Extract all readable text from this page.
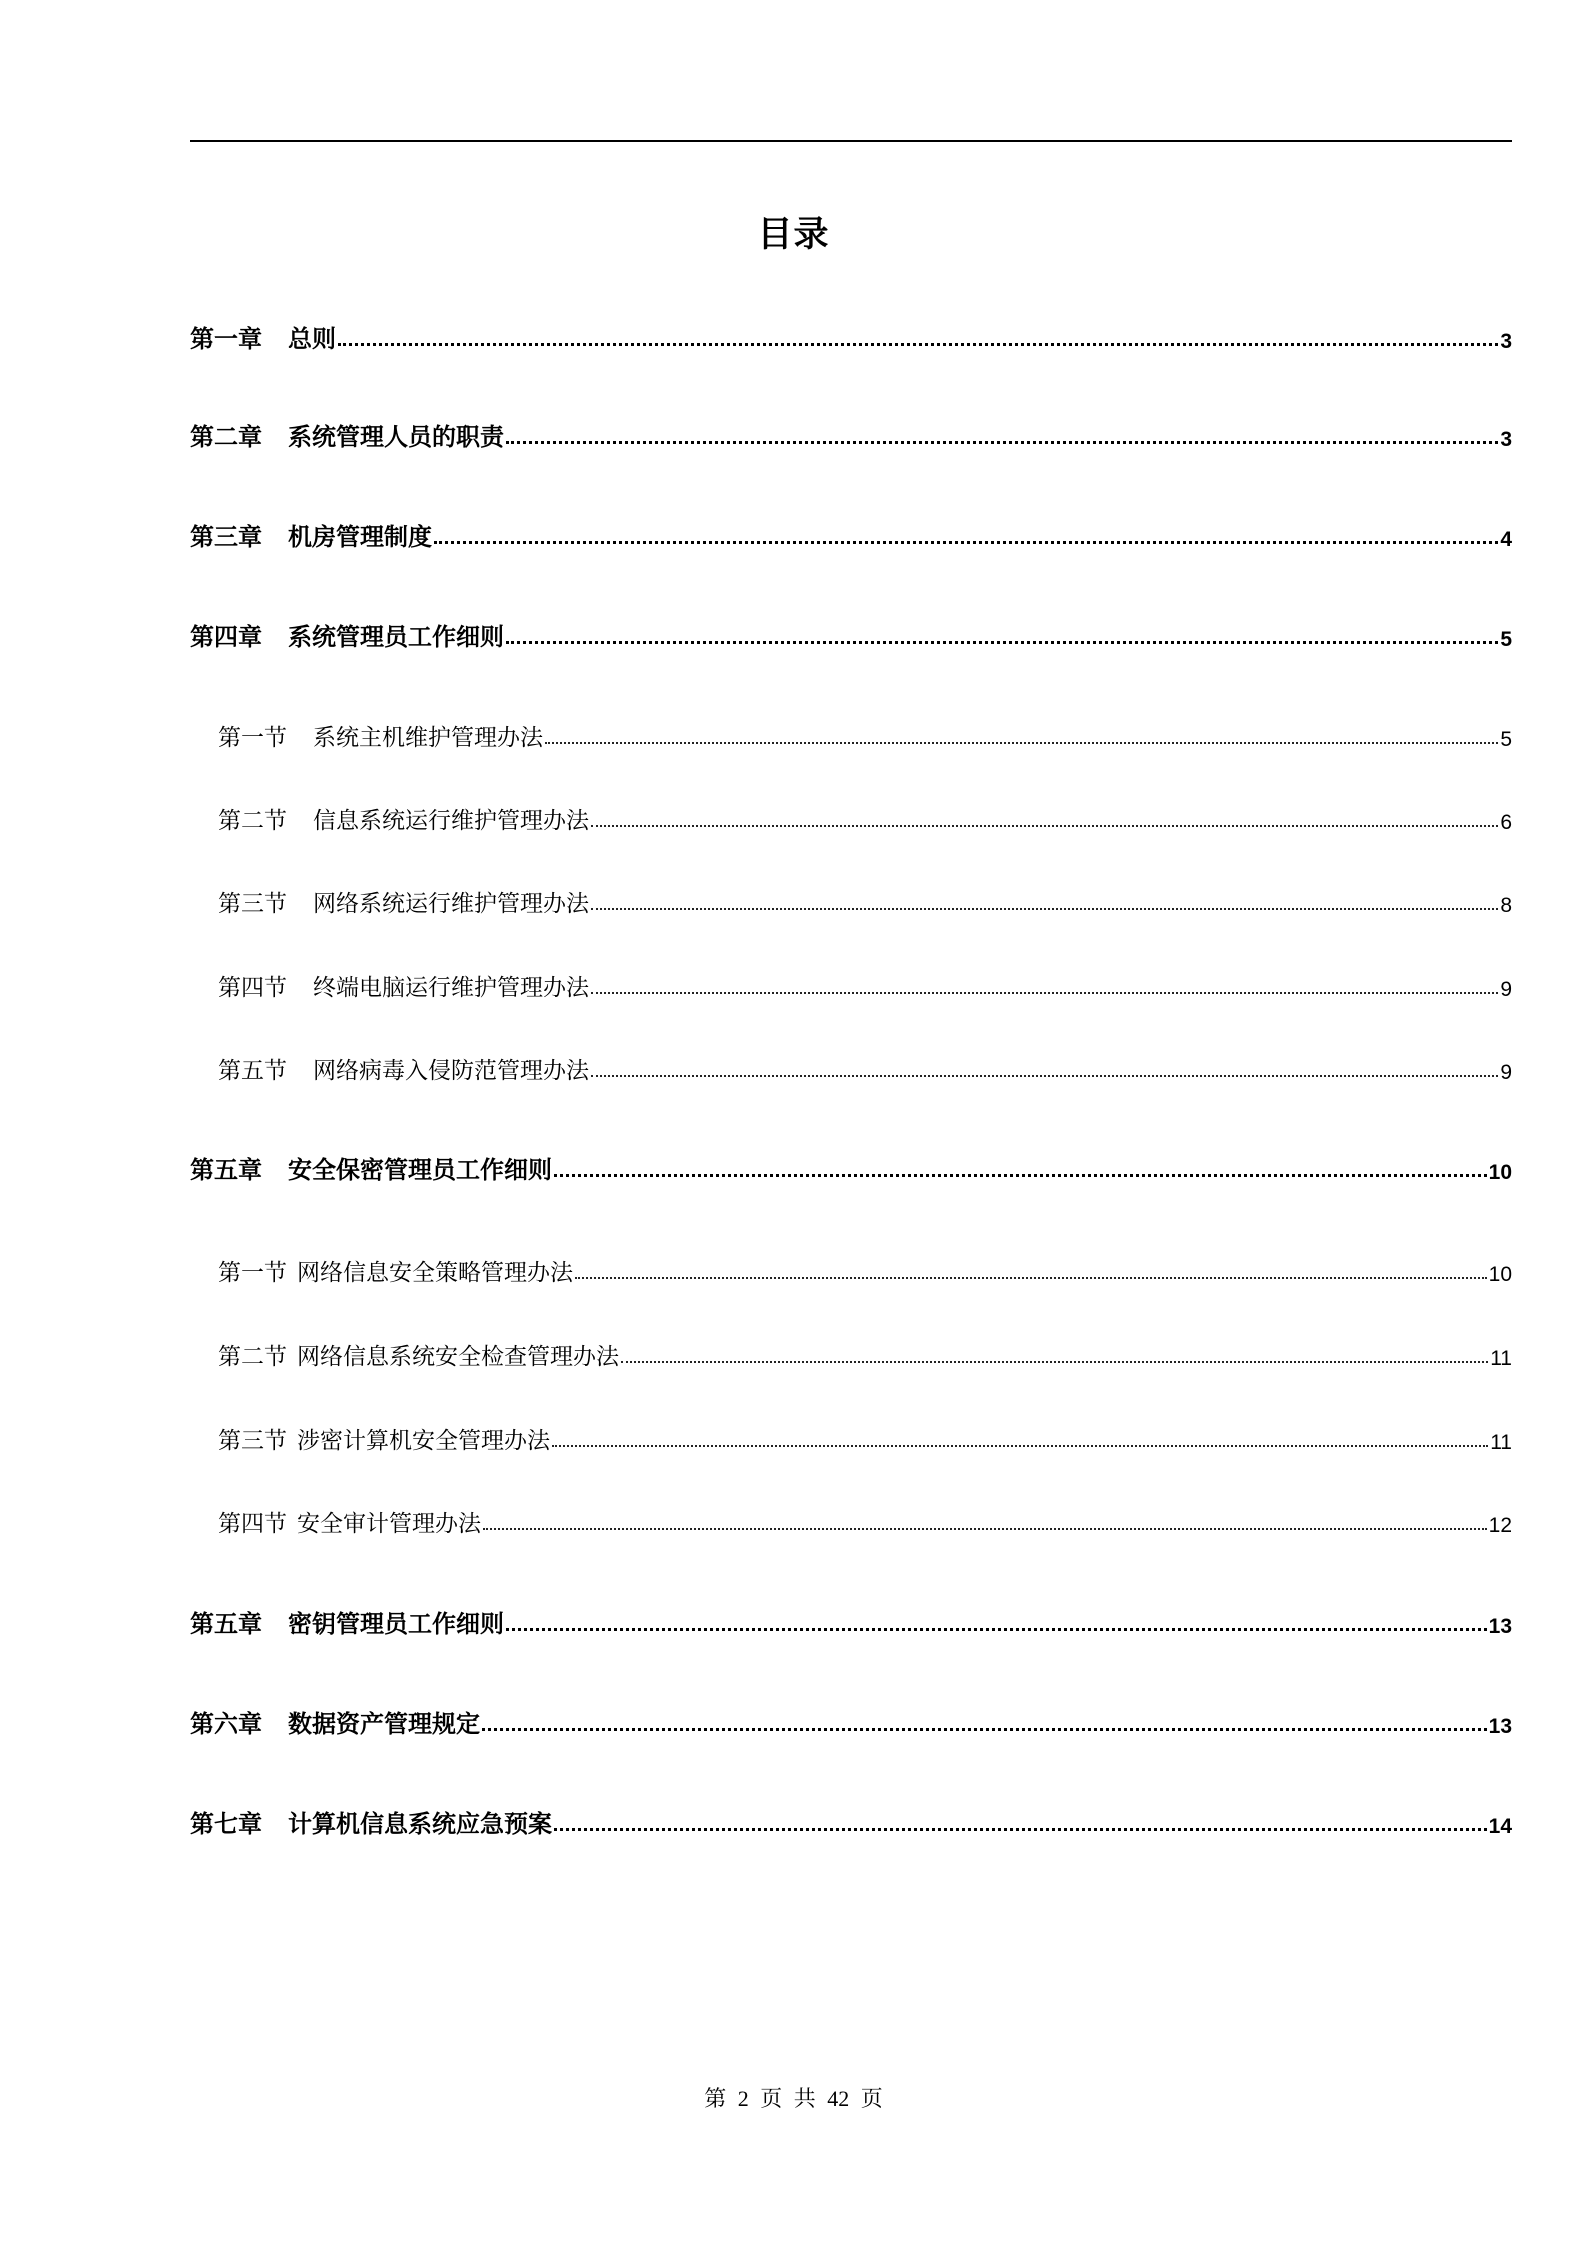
目录
第一章 总则	3
第二章 系统管理人员的职责	3
第三章 机房管理制度	4
第四章 系统管理员工作细则	5
第一节 系统主机维护管理办法	5
第二节 信息系统运行维护管理办法	6
第三节 网络系统运行维护管理办法	8
第四节 终端电脑运行维护管理办法	9
第五节 网络病毒入侵防范管理办法	9
第五章 安全保密管理员工作细则	10
第一节 网络信息安全策略管理办法	10
第二节 网络信息系统安全检查管理办法	11
第三节 涉密计算机安全管理办法	11
第四节 安全审计管理办法	12
第五章 密钥管理员工作细则	13
第六章 数据资产管理规定	13
第七章 计算机信息系统应急预案	14
第 2 页 共 42 页
